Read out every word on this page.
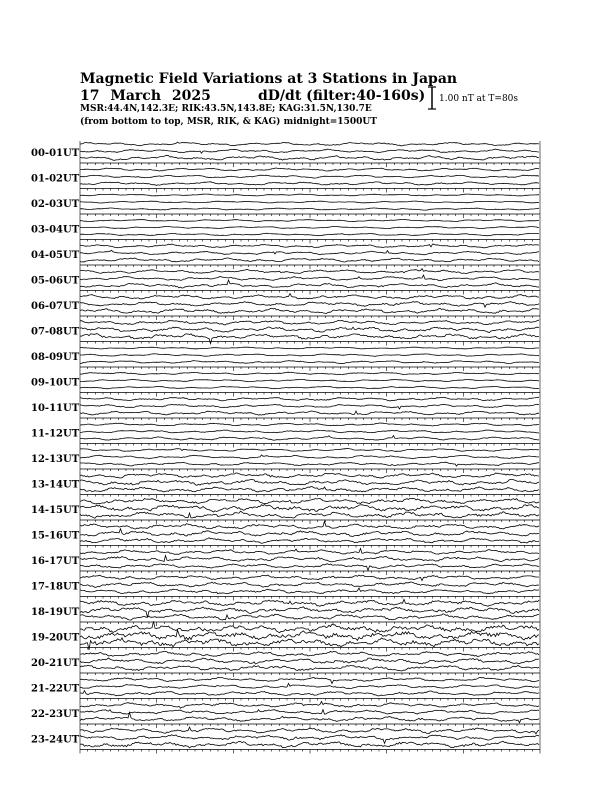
Magnetic Field Variations at 3 Stations in Japan
17 March 2025	dD/dt (filter:40-160s)
MSR:44.4N,142.3E; RIK:43.5N,143.8E; KAG:31.5N,130.7E
(from bottom to top, MSR, RIK, & KAG) midnight=1500UT
1.00 nT at T=80s
00-01UT
01-02UT
02-03UT
03-04UT
04-05UT
05-06UT
06-07UT
07-08UT
08-09UT
09-10UT
10-11UT
11-12UT
12-13UT
13-14UT
14-15UT
15-16UT
16-17UT
17-18UT
18-19UT
19-20UT
20-21UT
21-22UT
22-23UT
23-24UT
